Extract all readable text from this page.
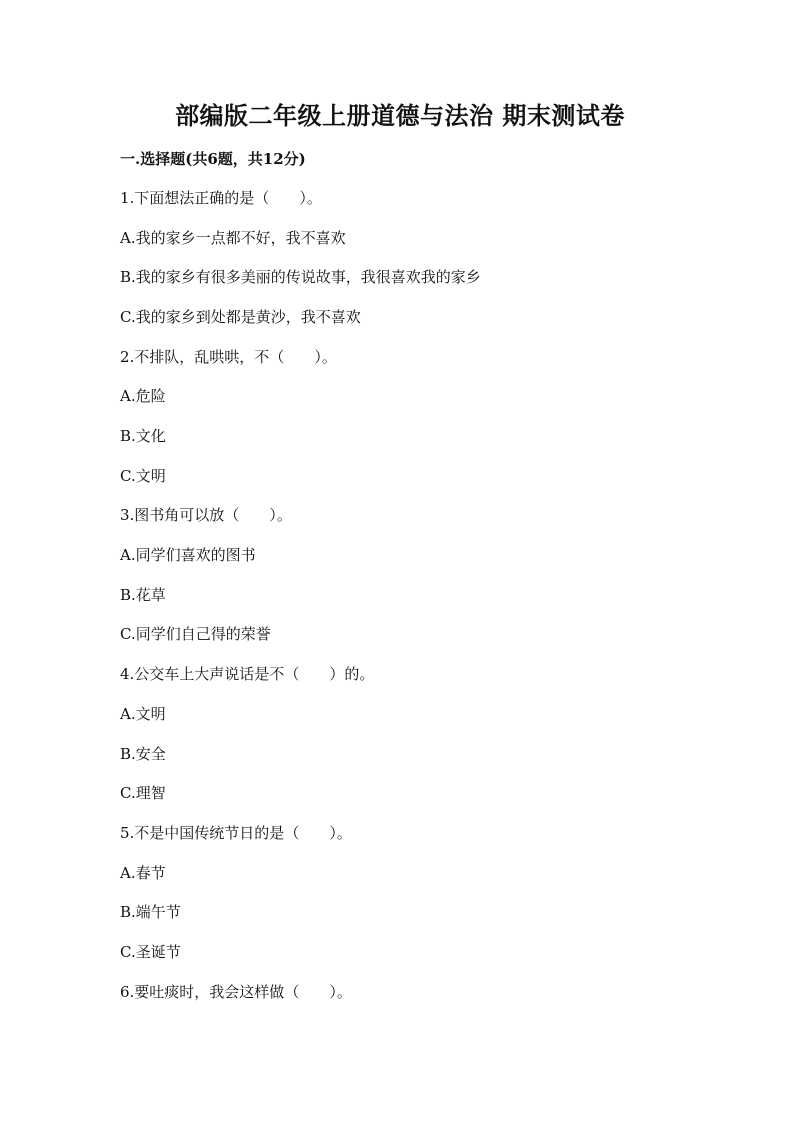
部编版二年级上册道德与法治 期末测试卷
一.选择题(共6题，共12分)
1.下面想法正确的是（　　）。
A.我的家乡一点都不好，我不喜欢
B.我的家乡有很多美丽的传说故事，我很喜欢我的家乡
C.我的家乡到处都是黄沙，我不喜欢
2.不排队，乱哄哄，不（　　）。
A.危险
B.文化
C.文明
3.图书角可以放（　　）。
A.同学们喜欢的图书
B.花草
C.同学们自己得的荣誉
4.公交车上大声说话是不（　　）的。
A.文明
B.安全
C.理智
5.不是中国传统节日的是（　　）。
A.春节
B.端午节
C.圣诞节
6.要吐痰时，我会这样做（　　）。
